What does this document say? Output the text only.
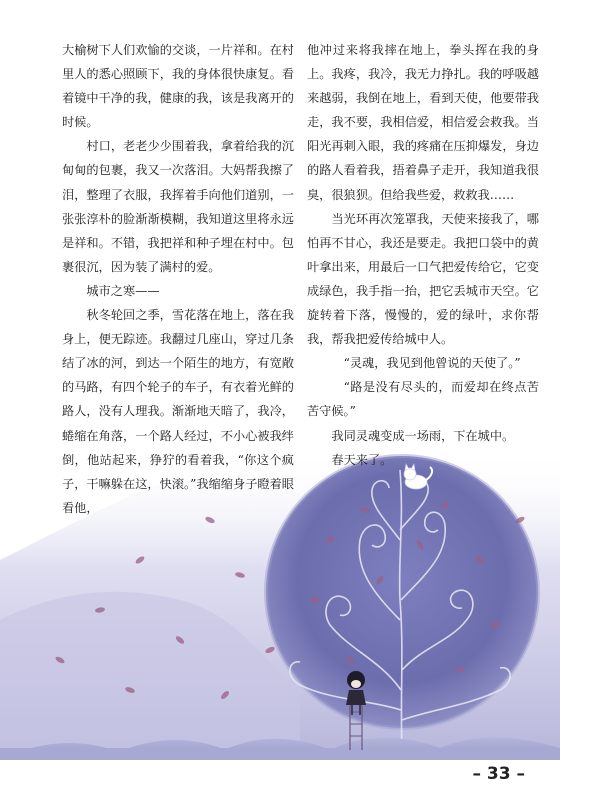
大榆树下人们欢愉的交谈，一片祥和。在村里人的悉心照顾下，我的身体很快康复。看着镜中干净的我，健康的我，该是我离开的时候。

村口，老老少少围着我，拿着给我的沉甸甸的包裹，我又一次落泪。大妈帮我擦了泪，整理了衣服，我挥着手向他们道别，一张张淳朴的脸渐渐模糊，我知道这里将永远是祥和。不错，我把祥和种子埋在村中。包裹很沉，因为装了满村的爱。

城市之寒——

秋冬轮回之季，雪花落在地上，落在我身上，便无踪迹。我翻过几座山，穿过几条结了冰的河，到达一个陌生的地方，有宽敞的马路，有四个轮子的车子，有衣着光鲜的路人，没有人理我。渐渐地天暗了，我冷，蜷缩在角落，一个路人经过，不小心被我绊倒，他站起来，狰狞的看着我，“你这个疯子，干嘛躲在这，快滚。”我缩缩身子瞪着眼看他，

他冲过来将我摔在地上，拳头挥在我的身上。我疼，我冷，我无力挣扎。我的呼吸越来越弱，我倒在地上，看到天使，他要带我走，我不要，我相信爱，相信爱会救我。当阳光再刺入眼，我的疼痛在压抑爆发，身边的路人看着我，捂着鼻子走开，我知道我很臭，很狼狈。但给我些爱，救救我……

当光环再次笼罩我，天使来接我了，哪怕再不甘心，我还是要走。我把口袋中的黄叶拿出来，用最后一口气把爱传给它，它变成绿色，我手指一抬，把它丢城市天空。它旋转着下落，慢慢的，爱的绿叶，求你帮我，帮我把爱传给城中人。

“灵魂，我见到他曾说的天使了。”

“路是没有尽头的，而爱却在终点苦苦守候。”

我同灵魂变成一场雨，下在城中。

春天来了。

– 33 –
